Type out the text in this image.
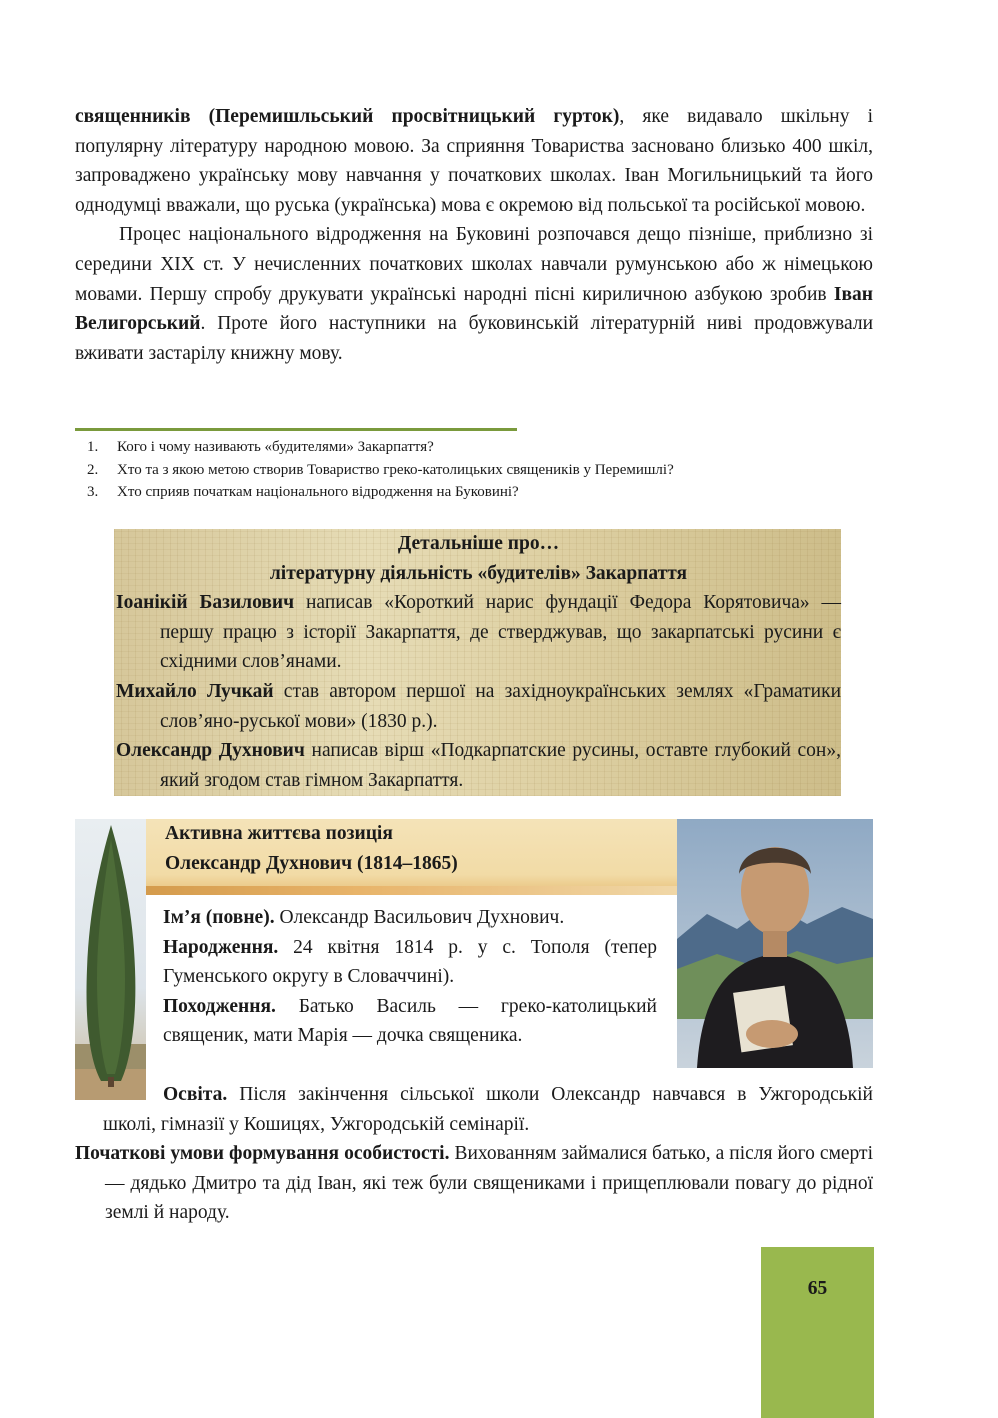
священників (Перемишльський просвітницький гурток), яке видавало шкільну і популярну літературу народною мовою. За сприяння Товариства засновано близько 400 шкіл, запроваджено українську мову навчання у початкових школах. Іван Могильницький та його однодумці вважали, що руська (українська) мова є окремою від польської та російської мовою.
Процес національного відродження на Буковині розпочався дещо пізніше, приблизно зі середини XIX ст. У нечисленних початкових школах навчали румунською або ж німецькою мовами. Першу спробу друкувати українські народні пісні кириличною азбукою зробив Іван Велигорський. Проте його наступники на буковинській літературній ниві продовжували вживати застарілу книжну мову.
1.	Кого і чому називають «будителями» Закарпаття?
2.	Хто та з якою метою створив Товариство греко-католицьких священиків у Перемишлі?
3.	Хто сприяв початкам національного відродження на Буковині?
Детальніше про…
літературну діяльність «будителів» Закарпаття
Іоанікій Базилович написав «Короткий нарис фундації Федора Корятовича» — першу працю з історії Закарпаття, де стверджував, що закарпатські русини є східними слов’янами.
Михайло Лучкай став автором першої на західноукраїнських землях «Граматики слов’яно-руської мови» (1830 р.).
Олександр Духнович написав вірш «Подкарпатские русины, оставте глубокий сон», який згодом став гімном Закарпаття.
Активна життєва позиція
Олександр Духнович (1814–1865)
Ім’я (повне). Олександр Васильович Духнович.
Народження. 24 квітня 1814 р. у с. Тополя (тепер Гуменського округу в Словаччині).
Походження. Батько Василь — греко-католицький священик, мати Марія — дочка священика.
Освіта. Після закінчення сільської школи Олександр навчався в Ужгородській школі, гімназії у Кошицях, Ужгородській семінарії.
Початкові умови формування особистості. Вихованням займалися батько, а після його смерті — дядько Дмитро та дід Іван, які теж були священиками і прищеплювали повагу до рідної землі й народу.
65
